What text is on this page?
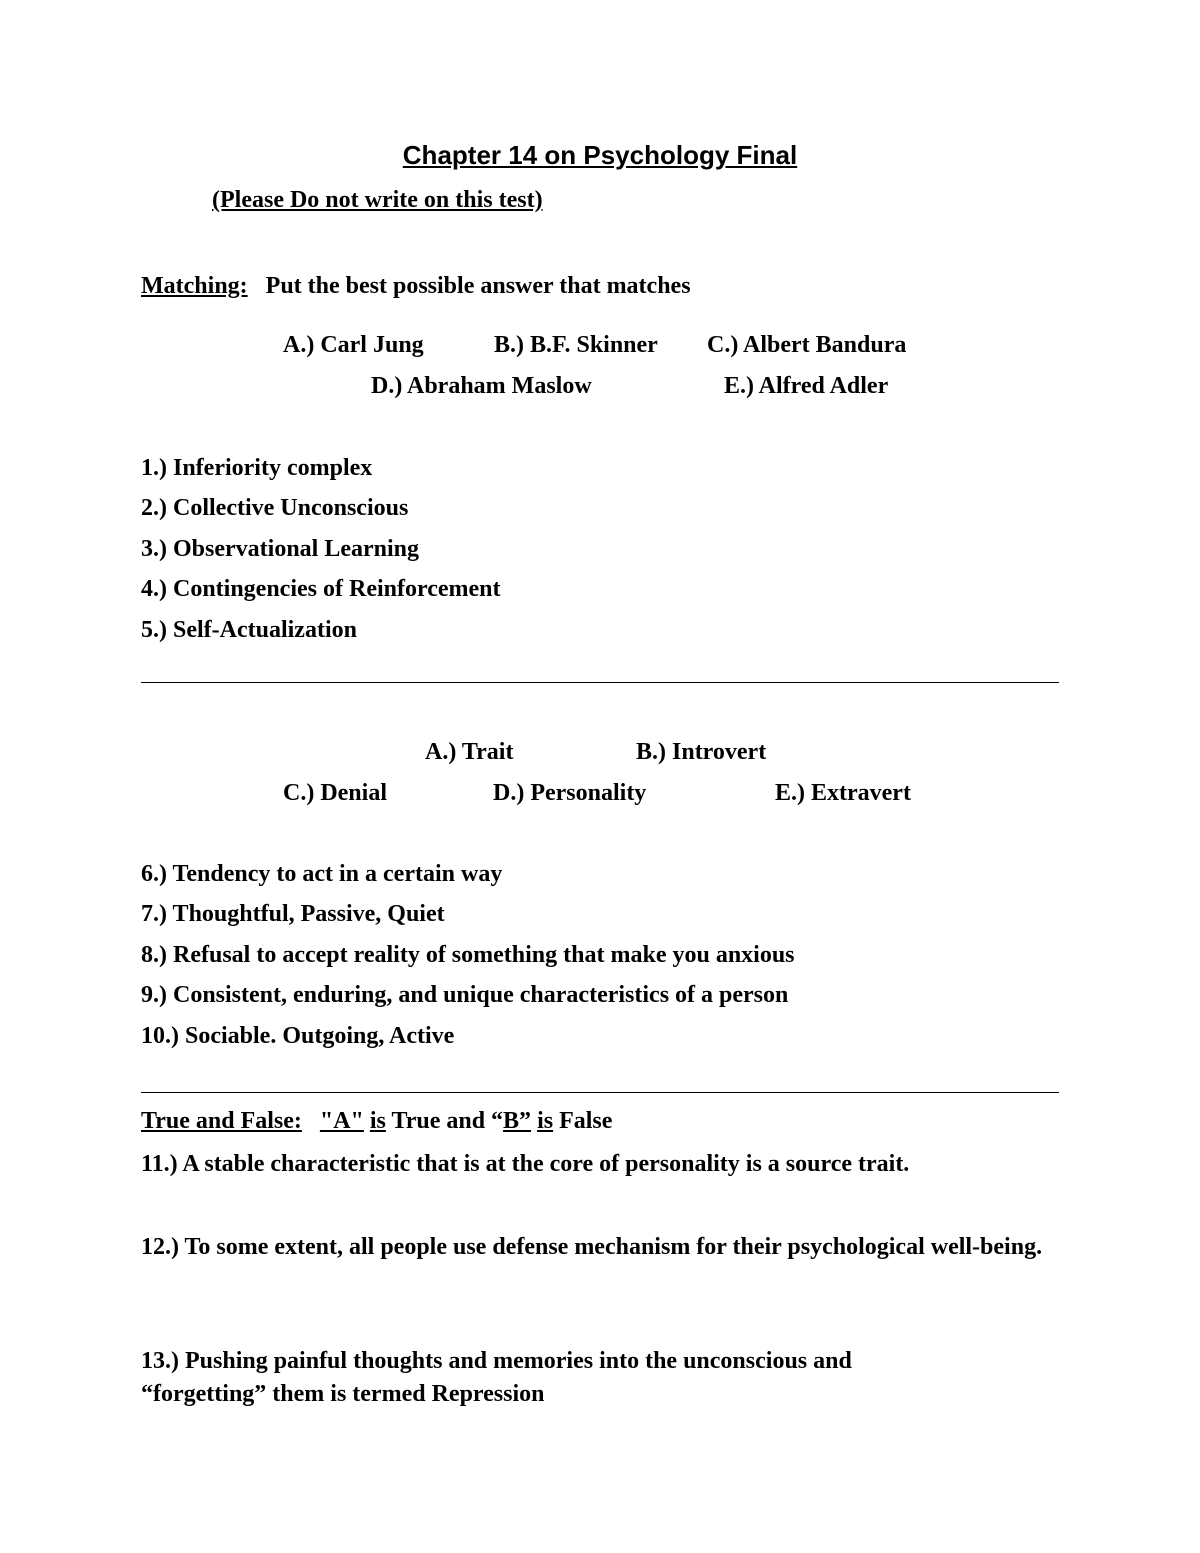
Chapter 14 on Psychology Final
(Please Do not write on this test)
Matching: Put the best possible answer that matches
A.) Carl Jung	B.) B.F. Skinner C.) Albert Bandura
D.) Abraham Maslow	E.) Alfred Adler
1.) Inferiority complex
2.) Collective Unconscious
3.) Observational Learning
4.) Contingencies of Reinforcement
5.) Self-Actualization
A.) Trait	B.) Introvert
C.) Denial	D.) Personality	E.) Extravert
6.) Tendency to act in a certain way
7.) Thoughtful, Passive, Quiet
8.) Refusal to accept reality of something that make you anxious
9.) Consistent, enduring, and unique characteristics of a person
10.) Sociable. Outgoing, Active
True and False: "A" is True and “B” is False
11.) A stable characteristic that is at the core of personality is a source trait.
12.) To some extent, all people use defense mechanism for their psychological well-being.
13.) Pushing painful thoughts and memories into the unconscious and “forgetting” them is termed Repression
